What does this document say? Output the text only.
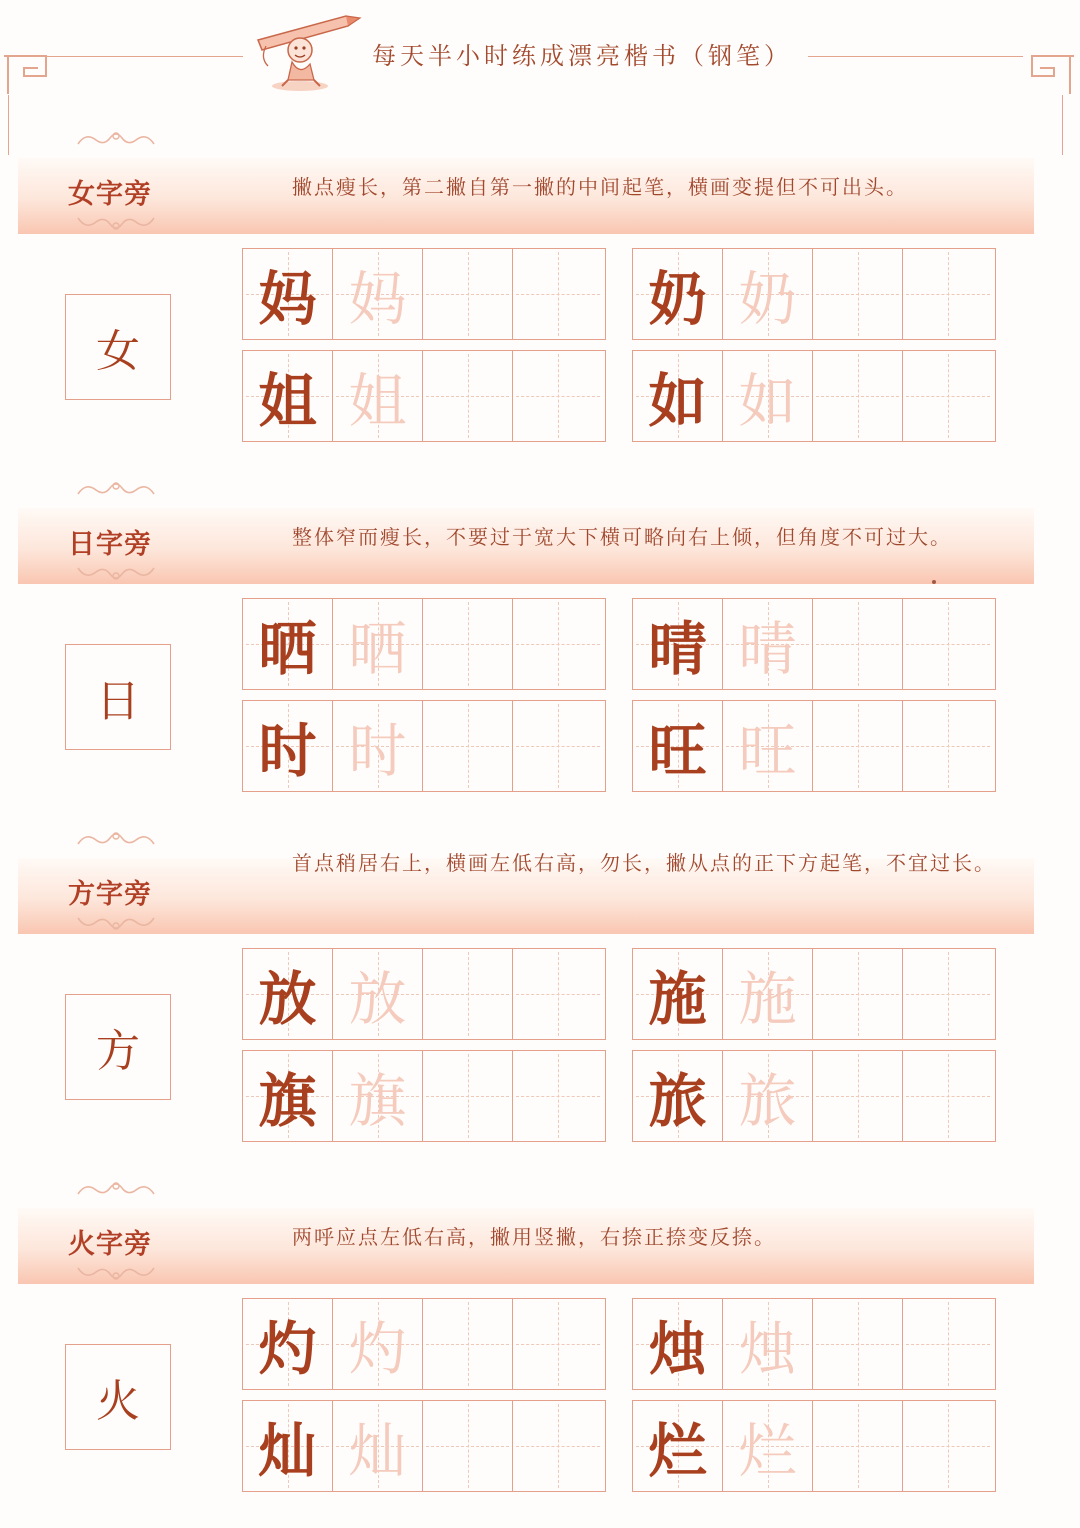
每天半小时练成漂亮楷书（钢笔）
女字旁	撇点瘦长，第二撇自第一撇的中间起笔，横画变提但不可出头。
女
妈 妈	奶 奶
姐 姐	如 如
日字旁	整体窄而瘦长，不要过于宽大下横可略向右上倾，但角度不可过大。
日
晒 晒	晴 晴
时 时	旺 旺
方字旁
首点稍居右上，横画左低右高，勿长，撇从点的正下方起笔，不宜过长。
方
放 放	施 施
旗 旗	旅 旅
火字旁	两呼应点左低右高，撇用竖撇，右捺正捺变反捺。
火
灼 灼	烛 烛
灿 灿	烂 烂
